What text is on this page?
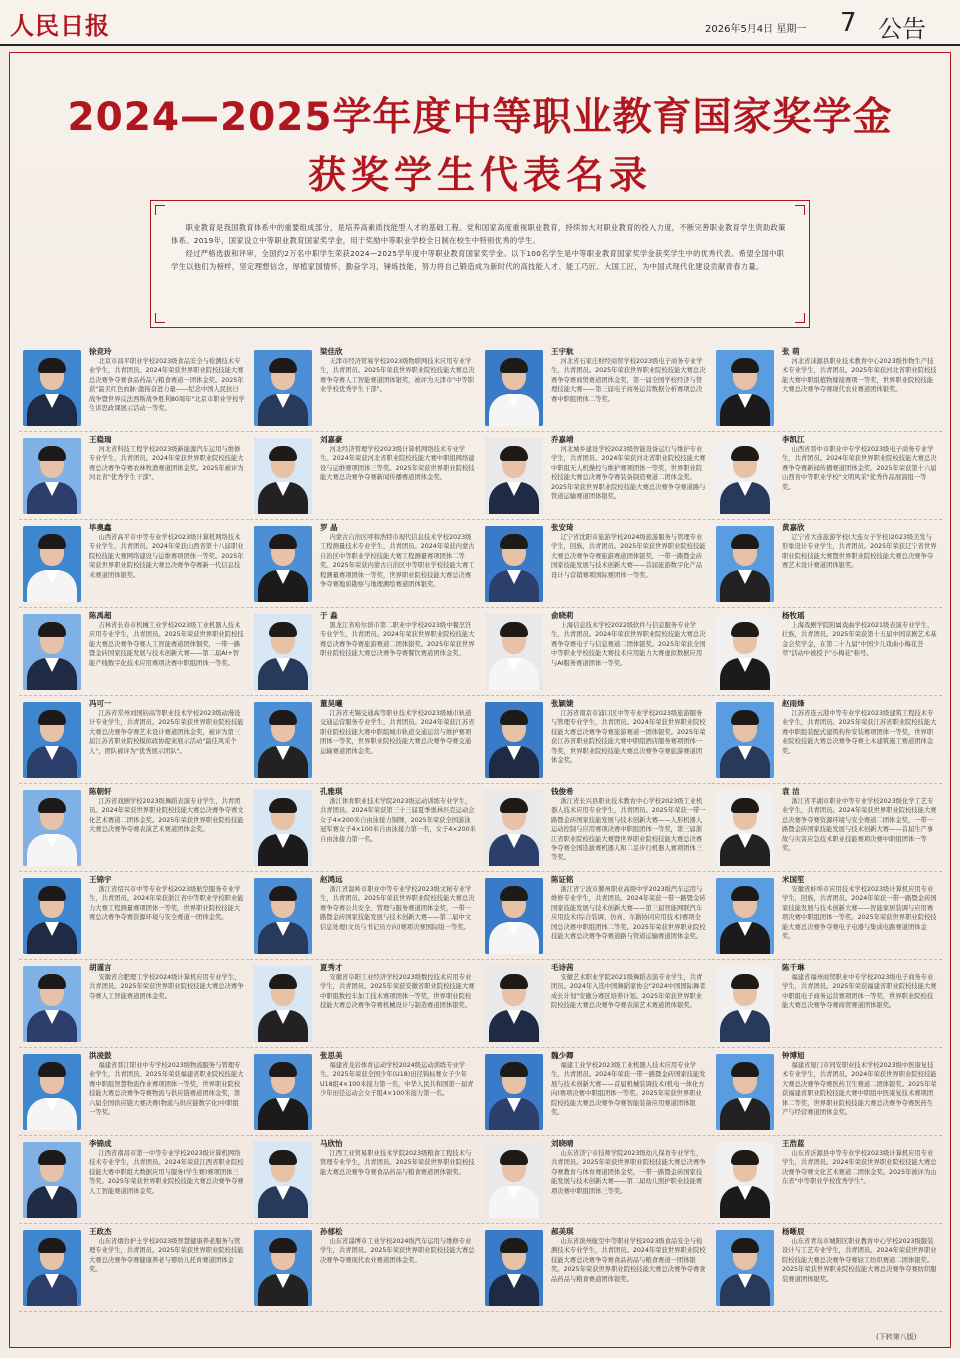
人民日报	2026年5月4日 星期一 7 公告
2024—2025学年度中等职业教育国家奖学金
获奖学生代表名录

职业教育是我国教育体系中的重要组成部分，是培养高素质技能型人才的基础工程。党和国家高度重视职业教育，持续加大对职业教育的投入力度，不断完善职业教育学生资助政策体系。2019年，国家设立中等职业教育国家奖学金，用于奖励中等职业学校全日制在校生中特别优秀的学生。

经过严格选拔和评审，全国约2万名中职学生荣获2024—2025学年度中等职业教育国家奖学金。以下100名学生是中等职业教育国家奖学金获奖学生中的优秀代表。希望全国中职学生以他们为榜样，坚定理想信念，厚植家国情怀，勤奋学习，锤炼技能，努力将自己锻造成为新时代的高技能人才、能工巧匠、大国工匠，为中国式现代化建设贡献青春力量。

徐竞玲
北京市昌平职业学校2023级食品安全与检测技术专业学生，共青团员。2024年荣获世界职业院校技能大赛总决赛争夺赛食品药品与粮食赛道一团体金奖。2025年获"最美红色血脉·激扬奋进力量——纪念中国人民抗日战争暨世界反法西斯战争胜利80周年"北京市职业学校学生讲思政课展示活动一等奖。
梁佳欣
天津市经济贸易学校2023级物联网技术应用专业学生，共青团员。2025年荣获世界职业院校技能大赛总决赛争夺赛人工智能赛道团体银奖，被评为天津市"中等职业学校优秀学生干部"。
王宇航
河北省石家庄财经商贸学校2023级电子商务专业学生，共青团员。2025年荣获世界职业院校技能大赛总决赛争夺赛商贸赛道团体金奖，第一届全国学校经济与管理技能大赛——第三届电子商务运营数据分析赛项总决赛中职组团体二等奖。
张 萌
河北省涞源县职业技术教育中心2023级作物生产技术专业学生，共青团员。2025年荣获河北省职业院校技能大赛中职组植物嫁接赛项一等奖，世界职业院校技能大赛总决赛争夺赛现代农业赛道团体银奖。
王稳瑞
河北省科技工程学校2023级新能源汽车运用与维修专业学生，共青团员。2024年荣获世界职业院校技能大赛总决赛争夺赛农林牧渔赛道团体金奖。2025年被评为河北省"优秀学生干部"。
刘嘉豪
河北经济管理学校2023级计算机网络技术专业学生。2024年荣获河北省职业院校技能大赛中职组网络建设与运维赛项团体三等奖。2025年荣获世界职业院校技能大赛总决赛争夺赛新闻传播赛道团体金奖。
乔嘉靖
河北城乡建设学校2023级智能设备运行与维护专业学生，共青团员。2024年荣获河北省职业院校技能大赛中职组无人机操控与维护赛项团体一等奖，世界职业院校技能大赛总决赛争夺赛装备制造赛道二团体金奖。2025年荣获世界职业院校技能大赛总决赛争夺赛道路与管道运输赛道团体银奖。
李凯江
山西省晋中市职业中专学校2023级电子商务专业学生，共青团员。2024年荣获世界职业院校技能大赛总决赛争夺赛新闻传播赛道团体金奖。2025年荣获第十六届山西省中等职业学校"文明风采"优秀作品展演组一等奖。
毕奥鑫
山西省高平市中等专业学校2023级计算机网络技术专业学生，共青团员。2024年荣获山西省第十八届职业院校技能大赛网络建设与运维赛项团体一等奖。2025年荣获世界职业院校技能大赛总决赛争夺赛新一代信息技术赛道团体银奖。
罗 晶
内蒙古自治区呼和浩特市现代信息技术学校2023级工程测量技术专业学生，共青团员。2024年荣获内蒙古自治区中等职业学校技能大赛工程测量赛项团体二等奖。2025年荣获内蒙古自治区中等职业学校技能大赛工程测量赛项团体一等奖，世界职业院校技能大赛总决赛争夺赛地质勘察与地理测绘赛道团体银奖。
张安琦
辽宁省沈阳市旅游学校2024级旅游服务与管理专业学生，回族，共青团员。2025年荣获世界职业院校技能大赛总决赛争夺赛旅游赛道团体银奖，一带一路暨金砖国家技能发展与技术创新大赛——首届旅游数字化产品设计与营销赛项国际赛团体一等奖。
黄嘉欣
辽宁省大连旅游学校(大连女子学校)2023级美发与形象设计专业学生，共青团员。2025年荣获辽宁省世界职业院校技能大赛暨世界职业院校技能大赛总决赛争夺赛艺术设计赛道团体银奖。
陈禹超
吉林省长春市机械工业学校2023级工业机器人技术应用专业学生，共青团员。2025年荣获世界职业院校技能大赛总决赛争夺赛人工智能赛道团体铜奖，一带一路暨金砖国家技能发展与技术创新大赛——第二届AI+智能产线数字化技术应用赛项决赛中职组团体一等奖。
于 淼
黑龙江省哈尔滨市第二职业中学校2023级中餐烹饪专业学生，共青团员。2024年荣获世界职业院校技能大赛总决赛争夺赛旅游赛道二团体银奖。2025年荣获世界职业院校技能大赛总决赛争夺赛餐饮赛道团体金奖。
俞晓莉
上海信息技术学校2022级软件与信息服务专业学生，共青团员。2024年荣获世界职业院校技能大赛总决赛争夺赛电子与信息赛道二团体银奖。2025年荣获全国中等职业学校技能大赛技术应用能力大赛虚拟数据应用与AI服务赛道团体一等奖。
杨牧瑶
上海戏剧学院附属戏曲学校2021级表演专业学生，壮族，共青团员。2025年荣获第十五届中国京剧艺术基金会奖学金，在第二十九届"中国少儿戏曲小梅花荟萃"活动中被授予"小梅花"称号。
冯可一
江苏省常州刘国钧高等职业技术学校2023级动漫设计专业学生，共青团员。2025年荣获世界职业院校技能大赛总决赛争夺赛艺术设计赛道团体金奖，被评为第三届江苏省职业院校模拟政协提案展示活动"最佳风采个人"，团队被评为"优秀展示团队"。
董昊曦
江苏省无锡交通高等职业技术学校2023级城市轨道交通运营服务专业学生，共青团员。2024年荣获江苏省职业院校技能大赛中职组城市轨道交通运营与维护赛项团体一等奖，世界职业院校技能大赛总决赛争夺赛交通运输赛道团体金奖。
张颖婕
江苏省南京市浦口区中等专业学校2023级旅游服务与管理专业学生，共青团员。2024年荣获世界职业院校技能大赛总决赛争夺赛旅游赛道一团体银奖。2025年荣获江苏省职业院校技能大赛中职组酒店服务赛项团体一等奖，世界职业院校技能大赛总决赛争夺赛旅游赛道团体金奖。
赵雨烽
江苏省连云港中等专业学校2023级建筑工程技术专业学生，共青团员。2025年荣获江苏省职业院校技能大赛中职组装配式建筑构件安装赛项团体一等奖，世界职业院校技能大赛总决赛争夺赛土木建筑施工赛道团体金奖。
陈朝轩
江苏省戏剧学校2023级舞蹈表演专业学生，共青团员。2024年荣获世界职业院校技能大赛总决赛争夺赛文化艺术赛道二团体金奖。2025年荣获世界职业院校技能大赛总决赛争夺赛表演艺术赛道团体金奖。
孔雅琪
浙江体育职业技术学院2023级运动训练专业学生，共青团员。2024年荣获第三十三届夏季奥林匹克运动会女子4×200米自由泳接力铜牌，2025年荣获全国游泳冠军赛女子4×100米自由泳接力第一名，女子4×200米自由泳接力第一名。
钱俊希
浙江省长兴县职业技术教育中心学校2023级工业机器人技术应用专业学生，共青团员。2025年荣获一带一路暨金砖国家技能发展与技术创新大赛——人形机器人运动控制与应用赛项决赛中职组团体一等奖，第三届浙江省职业院校技能大赛暨世界职业院校技能大赛总决赛争夺赛全国选拔赛机器人和二足步行机器人赛项团体三等奖。
袁 洁
浙江省平湖市职业中等专业学校2023级化学工艺专业学生，共青团员。2024年荣获世界职业院校技能大赛总决赛争夺赛资源环境与安全赛道二团体金奖，一带一路暨金砖国家技能发展与技术创新大赛——首届生产事故与灾害应急技术职业技能赛项决赛中职组团体一等奖。
王锦宇
浙江省绍兴市中等专业学校2023级航空服务专业学生，共青团员。2024年荣获浙江省中等职业学校职业能力大赛工程测量赛项团体一等奖，世界职业院校技能大赛总决赛争夺赛资源环境与安全赛道一团体金奖。
赵鸿远
浙江省温岭市职业中等专业学校2023级文秘专业学生，共青团员。2025年荣获世界职业院校技能大赛总决赛争夺赛公共安全、管理与服务赛道团体金奖，一带一路暨金砖国家技能发展与技术创新大赛——第二届中文信息处理(文员与书记员方向)赛项决赛国际组一等奖。
陈证铭
浙江省宁波市鄞州职业高级中学2023级汽车运用与维修专业学生，共青团员。2024年荣获一带一路暨金砖国家技能发展与技术创新大赛——第三届智能网联汽车应用技术(综合装调、仿真、车路协同应用技术)赛项全国总决赛中职组团体二等奖。2025年荣获世界职业院校技能大赛总决赛争夺赛道路与管道运输赛道团体金奖。
米国笙
安徽省蚌埠市应用技术学校2023级计算机应用专业学生，回族，共青团员。2024年荣获一带一路暨金砖国家技能发展与技术创新大赛——智能家居装调与应用赛项决赛中职组团体一等奖。2025年荣获世界职业院校技能大赛总决赛争夺赛电子电器与集成电路赛道团体金奖。
胡谨言
安徽省合肥理工学校2024级计算机应用专业学生，共青团员。2025年荣获世界职业院校技能大赛总决赛争夺赛人工智能赛道团体金奖。
夏秀才
安徽省阜阳工业经济学校2023级数控技术应用专业学生，共青团员。2025年荣获安徽省职业院校技能大赛中职组数控车加工技术赛项团体一等奖，世界职业院校技能大赛总决赛争夺赛机械设计与制造赛道团体银奖。
毛诗茜
安徽艺术职业学院2021级舞蹈表演专业学生，共青团员。2024年入选中国舞蹈家协会"2024中国国际舞者成长计划"安徽分赛区培养计划。2025年荣获世界职业院校技能大赛总决赛争夺赛表演艺术赛道团体银奖。
陈千琳
福建省福州商贸职业中专学校2023级电子商务专业学生，共青团员。2025年荣获福建省职业院校技能大赛中职组电子商务运营赛项团体一等奖，世界职业院校技能大赛总决赛争夺赛商贸赛道团体银奖。
洪凌鼓
福建省晋江职业中专学校2023级物流服务与管理专业学生，共青团员。2025年荣获福建省职业院校技能大赛中职组智慧物流作业赛项团体一等奖，世界职业院校技能大赛总决赛争夺赛物流与供应链赛道团体金奖，第六届全国供应链大赛决赛(物流与供应链数字化)中职组一等奖。
张思美
福建省龙岩体育运动学校2024级运动训练专业学生。2025年荣获全国少年(U18)田径锦标赛女子少年U18组4×100米接力第一名，中华人民共和国第一届青少年田径运动会女子组4×100米接力第一名。
魏少卿
福建工业学校2023级工业机器人技术应用专业学生，共青团员。2024年荣获一带一路暨金砖国家技能发展与技术创新大赛——首届机械装调技术(机电一体化方向)赛项决赛中职组团体一等奖。2025年荣获世界职业院校技能大赛总决赛争夺赛智能装备应用赛道团体银奖。
钟博旭
福建省厦门市同安职业技术学校2023级中医康复技术专业学生，共青团员。2024年荣获世界职业院校技能大赛总决赛争夺赛医药卫生赛道二团体银奖。2025年荣获福建省职业院校技能大赛中职组中医康复技术赛项团体二等奖，世界职业院校技能大赛总决赛争夺赛医药生产与经营赛道团体金奖。
李锦成
江西省南昌市第一中等专业学校2023级计算机网络技术专业学生，共青团员。2024年荣获江西省职业院校技能大赛中职组大数据应用与服务(学生赛)赛项团体三等奖。2025年荣获世界职业院校技能大赛总决赛争夺赛人工智能赛道团体金奖。
马欣怡
江西工业贸易职业技术学院2023级粮食工程技术与管理专业学生，共青团员。2025年荣获世界职业院校技能大赛总决赛争夺赛食品药品与粮食赛道团体银奖。
刘晓晴
山东省济宁市技师学院2023级幼儿保育专业学生，共青团员。2025年荣获世界职业院校技能大赛总决赛争夺赛教育与体育赛道团体金奖，一带一路暨金砖国家技能发展与技术创新大赛——第二届幼儿照护职业技能赛项决赛中职组团体三等奖。
王浩蓝
山东省沂源县中等专业学校2023级计算机应用专业学生，共青团员。2024年荣获世界职业院校技能大赛总决赛争夺赛文化艺术赛道二团体金奖。2025年被评为山东省"中等职业学校优秀学生"。
王政杰
山东省烟台护士学校2023级智慧健康养老服务与管理专业学生，共青团员。2025年荣获世界职业院校技能大赛总决赛争夺赛健康养老与婴幼儿托育赛道团体金奖。
孙郁松
山东省淄博市工业学校2024级汽车运用与维修专业学生，共青团员。2025年荣获世界职业院校技能大赛总决赛争夺赛现代农业赛道团体金奖。
郝美琪
山东省滨州航空中等职业学校2023级食品安全与检测技术专业学生，共青团员。2024年荣获世界职业院校技能大赛总决赛争夺赛食品药品与粮食赛道一团体银奖。2025年荣获世界职业院校技能大赛总决赛争夺赛食品药品与粮食赛道团体银奖。
杨晰辰
山东省青岛市城阳区职业教育中心学校2023级服装设计与工艺专业学生，共青团员。2024年荣获世界职业院校技能大赛总决赛争夺赛轻工纺织赛道二团体银奖。2025年荣获世界职业院校技能大赛总决赛争夺赛纺织服装赛道团体银奖。
(下转第八版)
